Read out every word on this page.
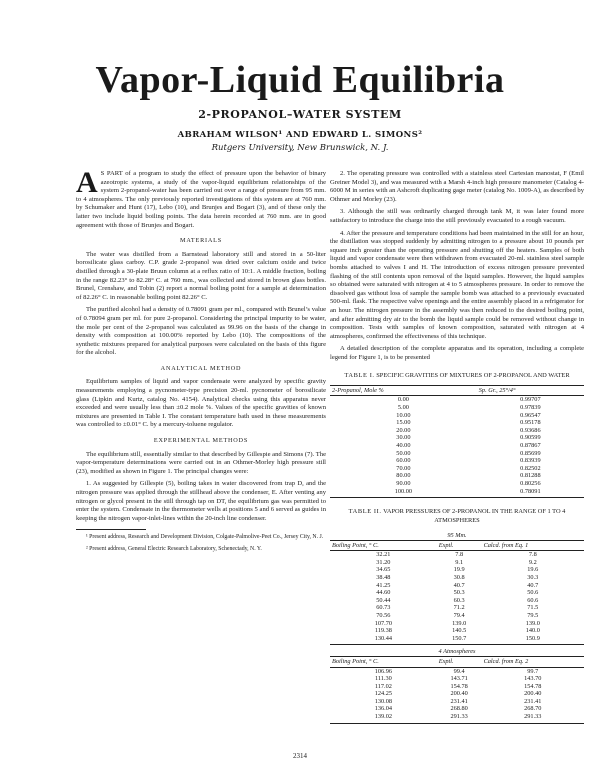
Vapor-Liquid Equilibria
2-PROPANOL–WATER SYSTEM
ABRAHAM WILSON¹ AND EDWARD L. SIMONS²
Rutgers University, New Brunswick, N. J.

A S PART of a program to study the effect of pressure upon the behavior of binary azeotropic systems, a study of the vapor-liquid equilibrium relationships of the system 2-propanol-water has been carried out over a range of pressure from 95 mm. to 4 atmospheres. The only previously reported investigations of this system are at 760 mm. by Schumaker and Hunt (17), Lebo (10), and Brunjes and Bogart (3), and of these only the latter two include liquid boiling points. The data herein recorded at 760 mm. are in good agreement with those of Brunjes and Bogart.

MATERIALS

The water was distilled from a Barnstead laboratory still and stored in a 50-liter borosilicate glass carboy. C.P. grade 2-propanol was dried over calcium oxide and twice distilled through a 30-plate Bruun column at a reflux ratio of 10:1. A middle fraction, boiling in the range 82.23° to 82.28° C. at 760 mm., was collected and stored in brown glass bottles. Brunel, Crenshaw, and Tobin (2) report a normal boiling point for a sample at determination of 82.26° C. in reasonable boiling point 82.26° C.

The purified alcohol had a density of 0.78091 gram per ml., compared with Brunel’s value of 0.78094 gram per ml. for pure 2-propanol. Considering the principal impurity to be water, the mole per cent of the 2-propanol was calculated as 99.96 on the basis of the change in density with composition at 100.00% reported by Lebo (10). The compositions of the synthetic mixtures prepared for analytical purposes were calculated on the basis of this figure for the alcohol.

ANALYTICAL METHOD

Equilibrium samples of liquid and vapor condensate were analyzed by specific gravity measurements employing a pycnometer-type precision 20-ml. pycnometer of borosilicate glass (Lipkin and Kurtz, catalog No. 4154). Analytical checks using this apparatus never exceeded and were usually less than ±0.2 mole %. Values of the specific gravities of known mixtures are presented in Table I. The constant temperature bath used in these measurements was controlled to ±0.01° C. by a mercury-toluene regulator.

EXPERIMENTAL METHODS

The equilibrium still, essentially similar to that described by Gillespie and Simons (7). The vapor-temperature determinations were carried out in an Othmer-Morley high pressure still (23), modified as shown in Figure 1. The principal changes were:

1. As suggested by Gillespie (5), boiling takes in water discovered from trap D, and the nitrogen pressure was applied through the stillhead above the condenser, E. After venting any nitrogen or glycol present in the still through tap on DT, the equilibrium gas was permitted to enter the system. Condensate in the thermometer wells at positions 5 and 6 served as guides in keeping the nitrogen vapor-inlet-lines within the 20-inch line condenser.

¹ Present address, Research and Development Division, Colgate-Palmolive-Peet Co., Jersey City, N. J.

² Present address, General Electric Research Laboratory, Schenectady, N. Y.

2. The operating pressure was controlled with a stainless steel Cartesian manostat, F (Emil Greiner Model 3), and was measured with a Marsh 4-inch high pressure manometer (Catalog 4-6000 M in series with an Ashcroft duplicating gage meter (catalog No. 1009-A), as described by Othmer and Morley (23).

3. Although the still was ordinarily charged through tank M, it was later found more satisfactory to introduce the charge into the still previously evacuated to a rough vacuum.

4. After the pressure and temperature conditions had been maintained in the still for an hour, the distillation was stopped suddenly by admitting nitrogen to a pressure about 10 pounds per square inch greater than the operating pressure and shutting off the heaters. Samples of both liquid and vapor condensate were then withdrawn from evacuated 20-ml. stainless steel sample bombs attached to valves I and H. The introduction of excess nitrogen pressure prevented flashing of the still contents upon removal of the liquid samples. However, the liquid samples so obtained were saturated with nitrogen at 4 to 5 atmospheres pressure. In order to remove the dissolved gas without loss of sample the sample bomb was attached to a previously evacuated 500-ml. flask. The respective valve openings and the entire assembly placed in a refrigerator for an hour. The nitrogen pressure in the assembly was then reduced to the desired boiling point, and after admitting dry air to the bomb the liquid sample could be removed without change in composition. Tests with samples of known composition, saturated with nitrogen at 4 atmospheres, confirmed the effectiveness of this technique.

A detailed description of the complete apparatus and its operation, including a complete legend for Figure 1, is to be presented

TABLE I. SPECIFIC GRAVITIES OF MIXTURES OF 2-PROPANOL AND WATER
2-Propanol, Mole %	Sp. Gr., 25°/4°
0.00	0.99707
5.00	0.97839
10.00	0.96547
15.00	0.95178
20.00	0.93686
30.00	0.90599
40.00	0.87867
50.00	0.85699
60.00	0.83939
70.00	0.82502
80.00	0.81288
90.00	0.80256
100.00	0.78091
TABLE II. VAPOR PRESSURES OF 2-PROPANOL IN THE RANGE OF 1 TO 4 ATMOSPHERES
95 Mm.		
Boiling Point, ° C.	Exptl.	Calcd. from Eq. 1
32.21	7.8	7.8
31.20	9.1	9.2
34.65	19.9	19.6
38.48	30.8	30.3
41.25	40.7	40.7
44.60	50.3	50.6
50.44	60.3	60.6
60.73	71.2	71.5
70.56	79.4	79.5
107.70	139.0	139.0
119.38	140.5	140.0
130.44	150.7	150.9
4 Atmospheres		
Boiling Point, ° C.	Exptl.	Calcd. from Eq. 2
106.96	99.4	99.7
111.30	143.71	143.70
117.02	154.78	154.78
124.25	200.40	200.40
130.08	231.41	231.41
136.04	268.80	268.70
139.02	291.33	291.33
2314
